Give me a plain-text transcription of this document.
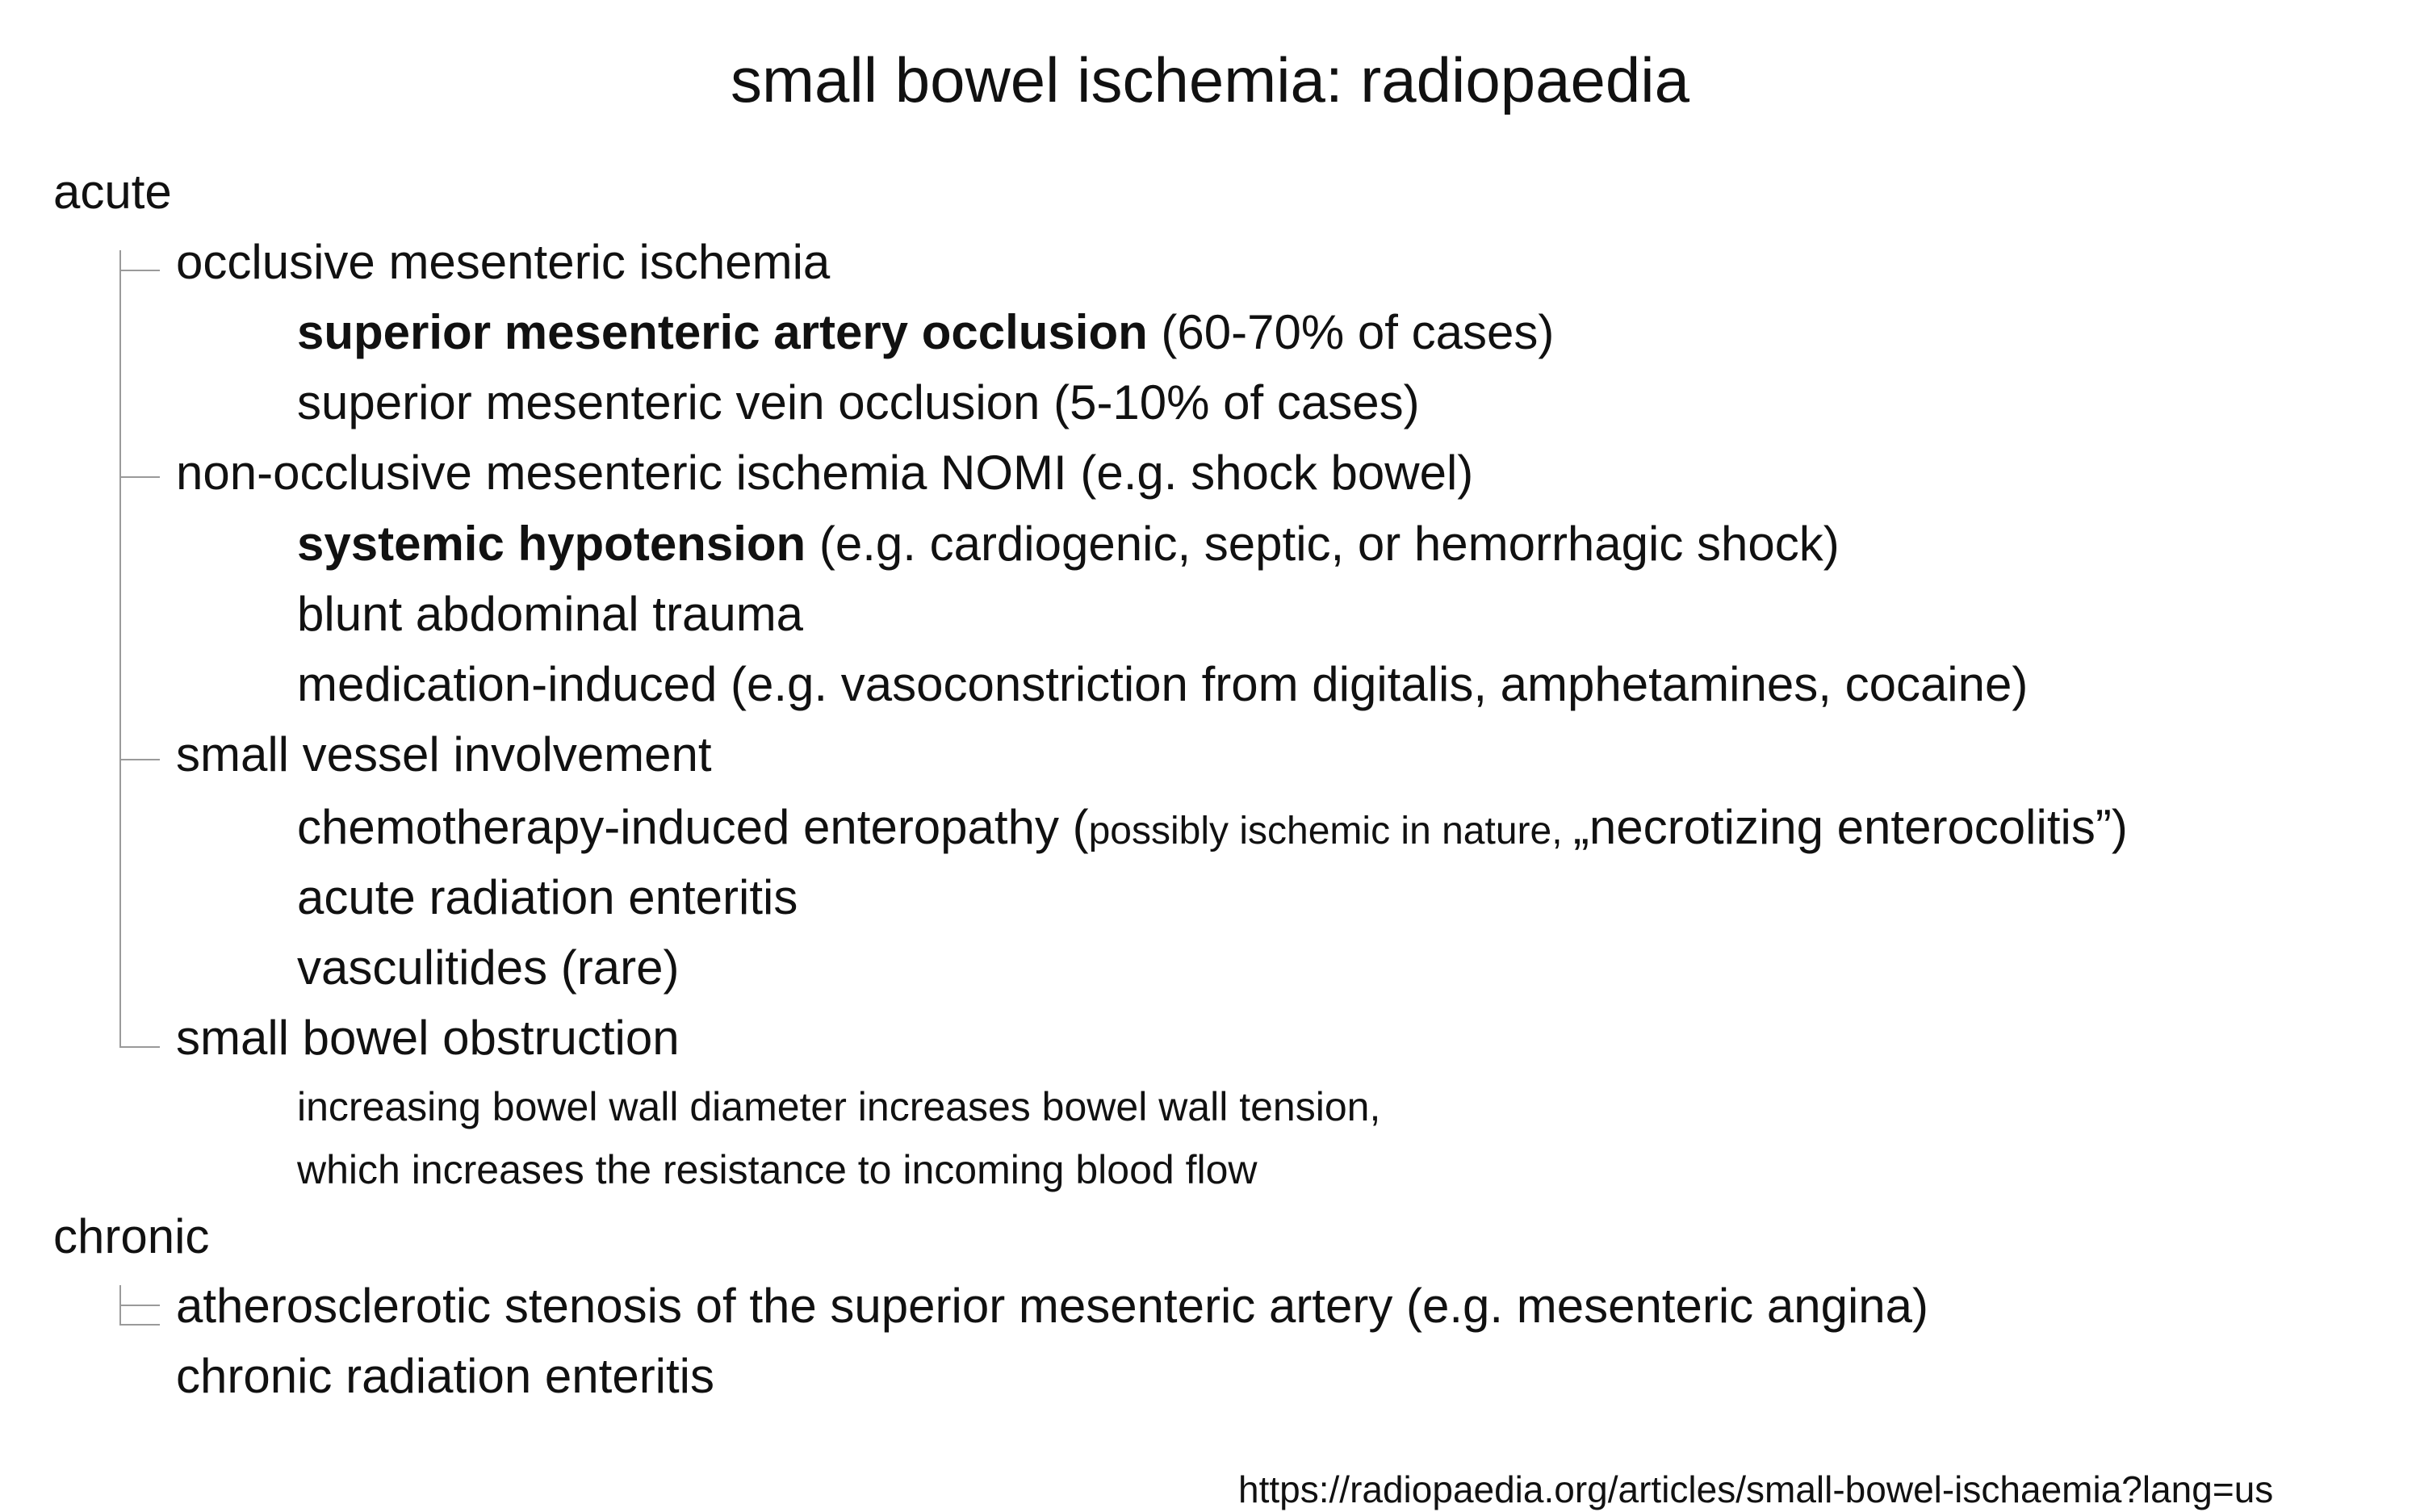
small bowel ischemia: radiopaedia
acute
occlusive mesenteric ischemia
superior mesenteric artery occlusion (60-70% of cases)
superior mesenteric vein occlusion (5-10% of cases)
non-occlusive mesenteric ischemia NOMI (e.g. shock bowel)
systemic hypotension (e.g. cardiogenic, septic, or hemorrhagic shock)
blunt abdominal trauma
medication-induced (e.g. vasoconstriction from digitalis, amphetamines, cocaine)
small vessel involvement
chemotherapy-induced enteropathy (possibly ischemic in nature, „necrotizing enterocolitis”)
acute radiation enteritis
vasculitides (rare)
small bowel obstruction
increasing bowel wall diameter increases bowel wall tension,
which increases the resistance to incoming blood flow
chronic
atherosclerotic stenosis of the superior mesenteric artery (e.g. mesenteric angina)
chronic radiation enteritis
https://radiopaedia.org/articles/small-bowel-ischaemia?lang=us
